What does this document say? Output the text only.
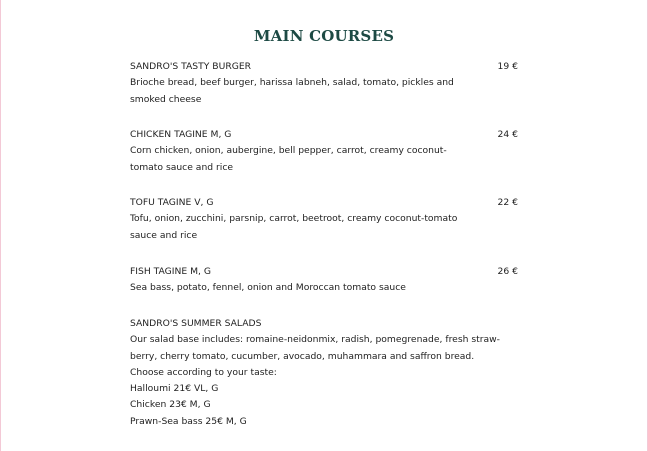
MAIN COURSES
SANDRO'S TASTY BURGER	19 €
Brioche bread, beef burger, harissa labneh, salad, tomato, pickles and smoked cheese
CHICKEN TAGINE M, G	24 €
Corn chicken, onion, aubergine, bell pepper, carrot, creamy coconut-tomato sauce and rice
TOFU TAGINE V, G	22 €
Tofu, onion, zucchini, parsnip, carrot, beetroot, creamy coconut-tomato sauce and rice
FISH TAGINE M, G	26 €
Sea bass, potato, fennel, onion and Moroccan tomato sauce
SANDRO'S SUMMER SALADS
Our salad base includes: romaine-neidonmix, radish, pomegrenade, fresh straw-
berry, cherry tomato, cucumber, avocado, muhammara and saffron bread.
Choose according to your taste:
Halloumi 21€ VL, G
Chicken 23€ M, G
Prawn-Sea bass 25€ M, G
